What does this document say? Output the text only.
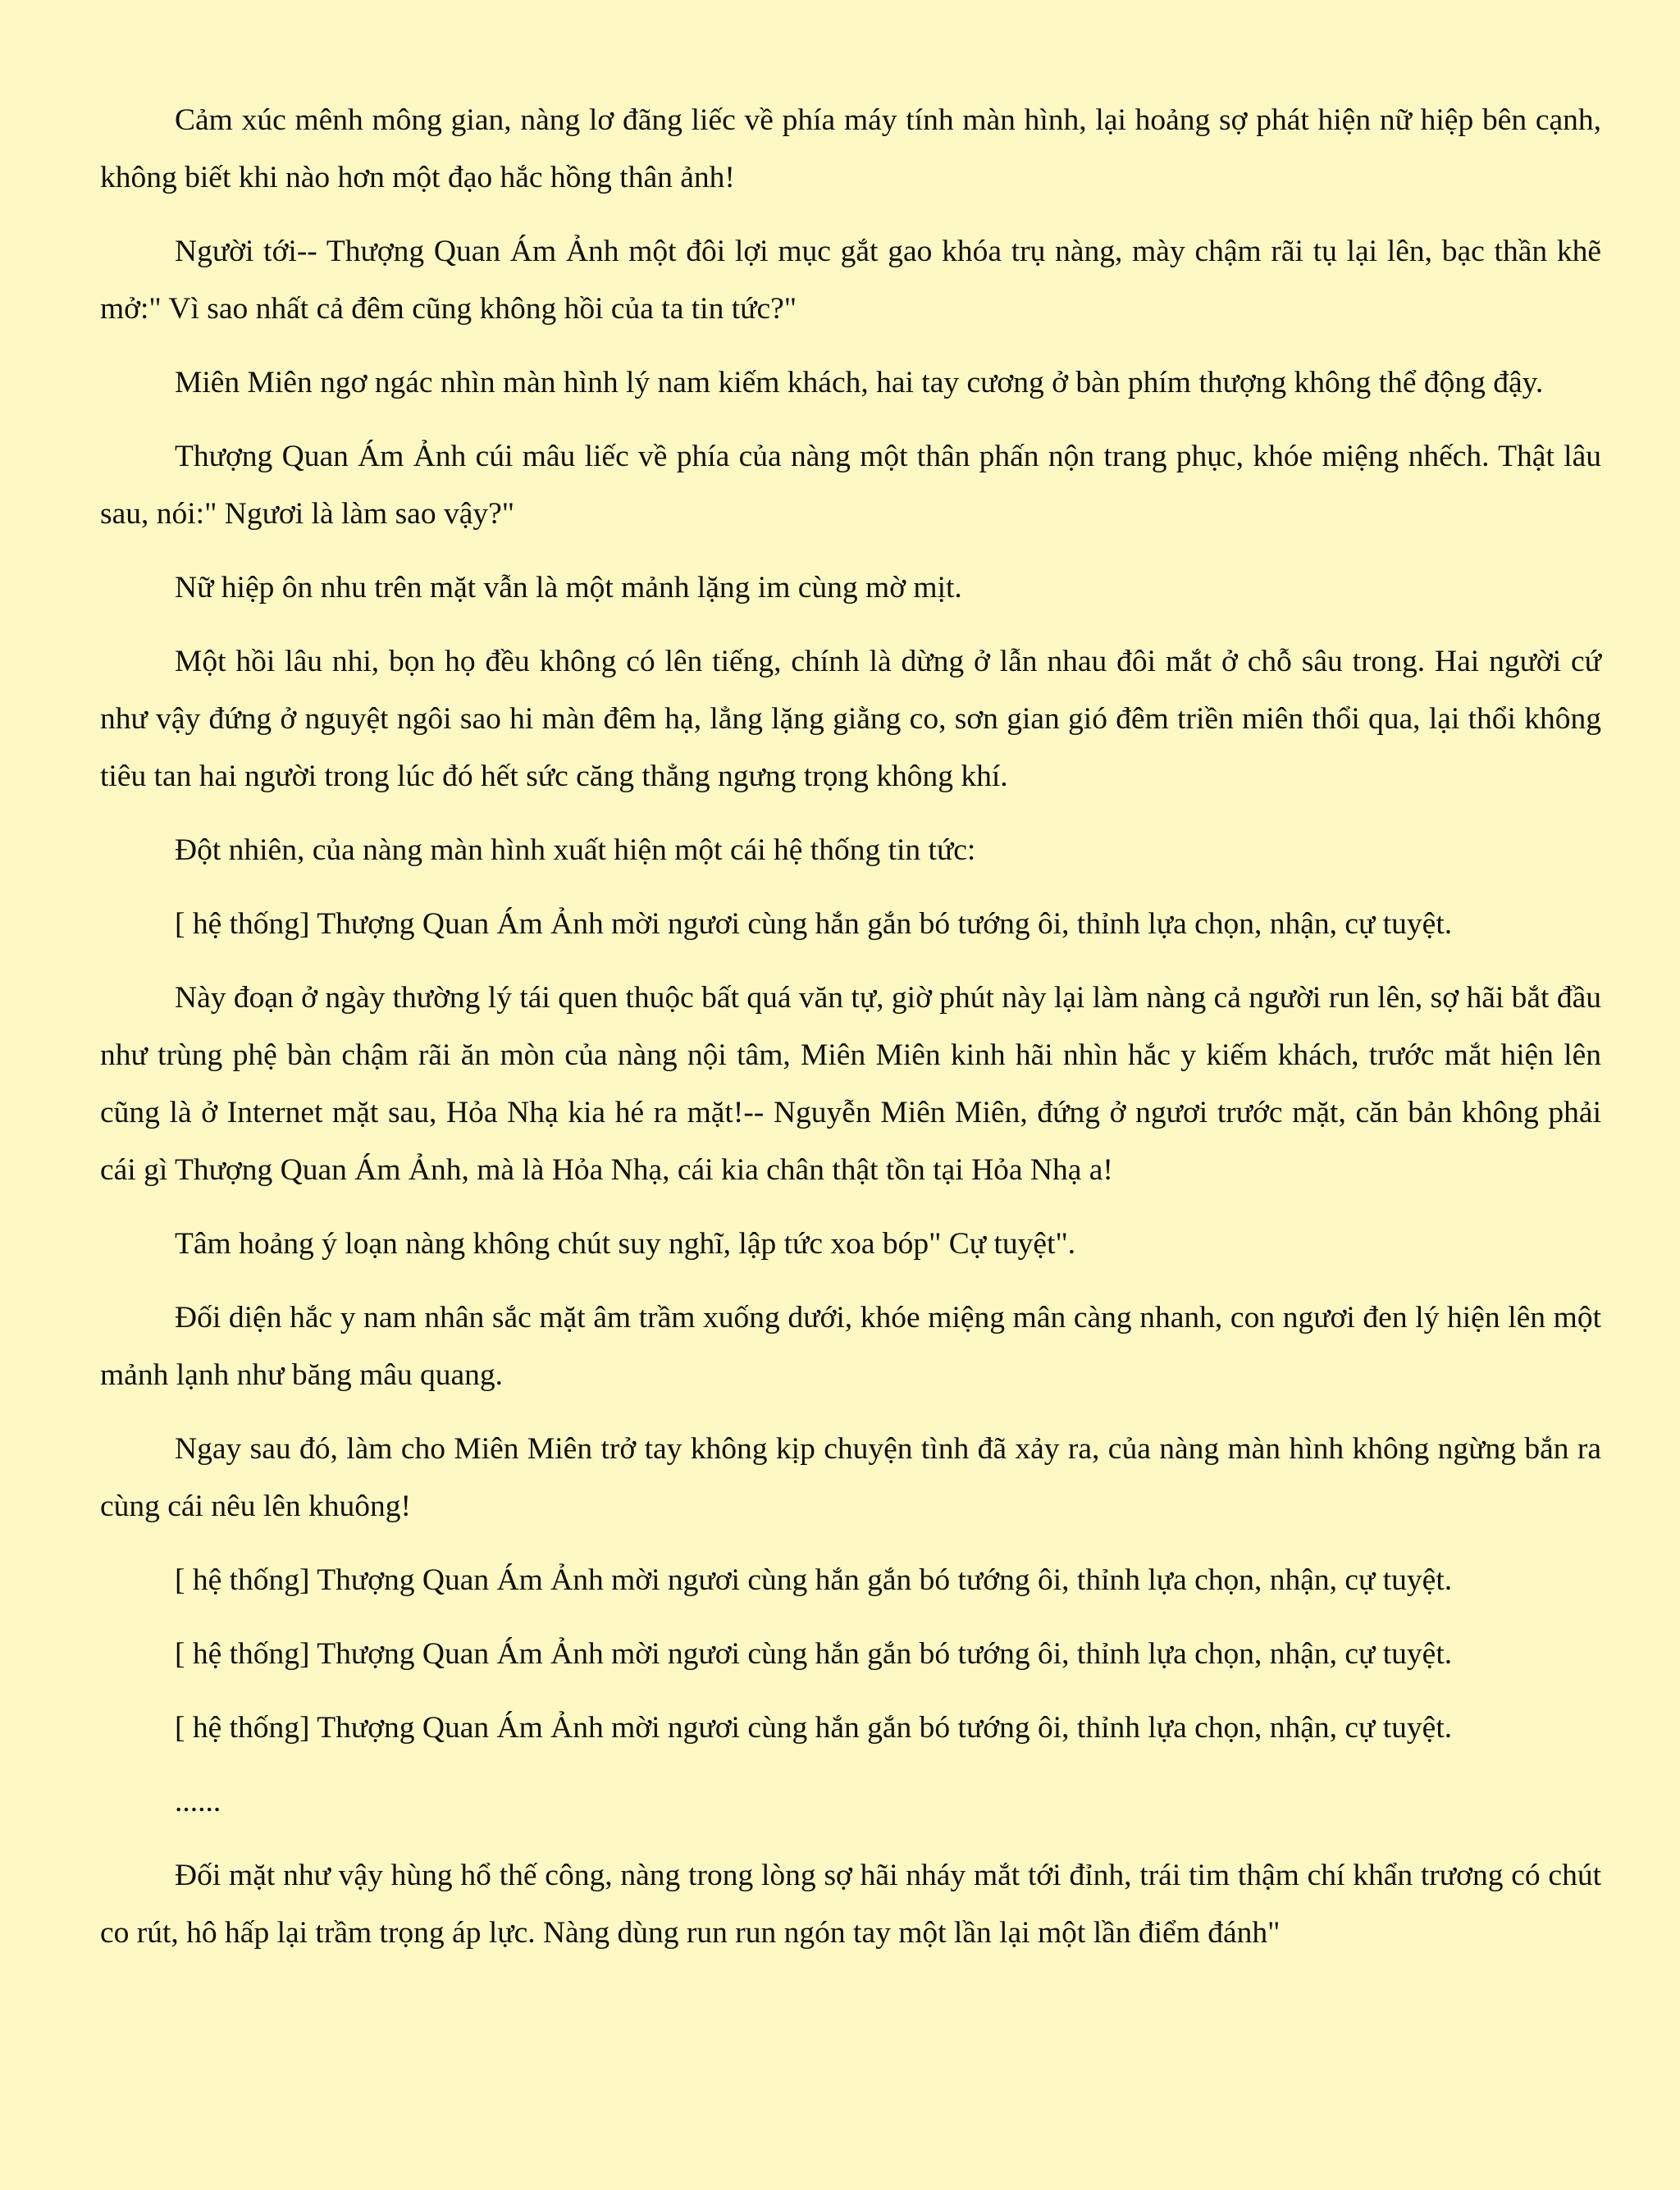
Cảm xúc mênh mông gian, nàng lơ đãng liếc về phía máy tính màn hình, lại hoảng sợ phát hiện nữ hiệp bên cạnh, không biết khi nào hơn một đạo hắc hồng thân ảnh!

Người tới-- Thượng Quan Ám Ảnh một đôi lợi mục gắt gao khóa trụ nàng, mày chậm rãi tụ lại lên, bạc thần khẽ mở:" Vì sao nhất cả đêm cũng không hồi của ta tin tức?"

Miên Miên ngơ ngác nhìn màn hình lý nam kiếm khách, hai tay cương ở bàn phím thượng không thể động đậy.

Thượng Quan Ám Ảnh cúi mâu liếc về phía của nàng một thân phấn nộn trang phục, khóe miệng nhếch. Thật lâu sau, nói:" Ngươi là làm sao vậy?"

Nữ hiệp ôn nhu trên mặt vẫn là một mảnh lặng im cùng mờ mịt.

Một hồi lâu nhi, bọn họ đều không có lên tiếng, chính là dừng ở lẫn nhau đôi mắt ở chỗ sâu trong. Hai người cứ như vậy đứng ở nguyệt ngôi sao hi màn đêm hạ, lẳng lặng giằng co, sơn gian gió đêm triền miên thổi qua, lại thổi không tiêu tan hai người trong lúc đó hết sức căng thẳng ngưng trọng không khí.

Đột nhiên, của nàng màn hình xuất hiện một cái hệ thống tin tức:

[ hệ thống] Thượng Quan Ám Ảnh mời ngươi cùng hắn gắn bó tướng ôi, thỉnh lựa chọn, nhận, cự tuyệt.

Này đoạn ở ngày thường lý tái quen thuộc bất quá văn tự, giờ phút này lại làm nàng cả người run lên, sợ hãi bắt đầu như trùng phệ bàn chậm rãi ăn mòn của nàng nội tâm, Miên Miên kinh hãi nhìn hắc y kiếm khách, trước mắt hiện lên cũng là ở Internet mặt sau, Hỏa Nhạ kia hé ra mặt!-- Nguyễn Miên Miên, đứng ở ngươi trước mặt, căn bản không phải cái gì Thượng Quan Ám Ảnh, mà là Hỏa Nhạ, cái kia chân thật tồn tại Hỏa Nhạ a!

Tâm hoảng ý loạn nàng không chút suy nghĩ, lập tức xoa bóp" Cự tuyệt".

Đối diện hắc y nam nhân sắc mặt âm trầm xuống dưới, khóe miệng mân càng nhanh, con ngươi đen lý hiện lên một mảnh lạnh như băng mâu quang.

Ngay sau đó, làm cho Miên Miên trở tay không kịp chuyện tình đã xảy ra, của nàng màn hình không ngừng bắn ra cùng cái nêu lên khuông!

[ hệ thống] Thượng Quan Ám Ảnh mời ngươi cùng hắn gắn bó tướng ôi, thỉnh lựa chọn, nhận, cự tuyệt.

[ hệ thống] Thượng Quan Ám Ảnh mời ngươi cùng hắn gắn bó tướng ôi, thỉnh lựa chọn, nhận, cự tuyệt.

[ hệ thống] Thượng Quan Ám Ảnh mời ngươi cùng hắn gắn bó tướng ôi, thỉnh lựa chọn, nhận, cự tuyệt.

......

Đối mặt như vậy hùng hổ thế công, nàng trong lòng sợ hãi nháy mắt tới đỉnh, trái tim thậm chí khẩn trương có chút co rút, hô hấp lại trầm trọng áp lực. Nàng dùng run run ngón tay một lần lại một lần điểm đánh"
